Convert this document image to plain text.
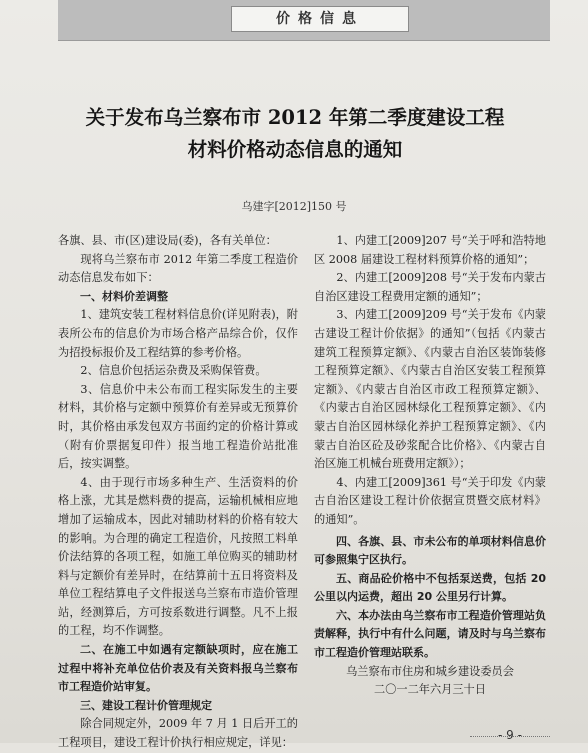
价格信息
关于发布乌兰察布市 2012 年第二季度建设工程
材料价格动态信息的通知
乌建字[2012]150 号

各旗、县、市(区)建设局(委)，各有关单位：

现将乌兰察布市 2012 年第二季度工程造价动态信息发布如下：

一、材料价差调整

1、建筑安装工程材料信息价(详见附表)，附表所公布的信息价为市场合格产品综合价，仅作为招投标报价及工程结算的参考价格。

2、信息价包括运杂费及采购保管费。

3、信息价中未公布而工程实际发生的主要材料，其价格与定额中预算价有差异或无预算价时，其价格由承发包双方书面约定的价格计算或（附有价票据复印件）报当地工程造价站批准后，按实调整。

4、由于现行市场多种生产、生活资料的价格上涨，尤其是燃料费的提高，运输机械相应地增加了运输成本，因此对辅助材料的价格有较大的影响。为合理的确定工程造价，凡按照工料单价法结算的各项工程，如施工单位购买的辅助材料与定额价有差异时，在结算前十五日将资料及单位工程结算电子文件报送乌兰察布市造价管理站，经测算后，方可按系数进行调整。凡不上报的工程，均不作调整。

二、在施工中如遇有定额缺项时，应在施工过程中将补充单位估价表及有关资料报乌兰察布市工程造价站审复。

三、建设工程计价管理规定

除合同规定外，2009 年 7 月 1 日后开工的工程项目，建设工程计价执行相应规定，详见：

1、内建工[2009]207 号“关于呼和浩特地区 2008 届建设工程材料预算价格的通知”；

2、内建工[2009]208 号“关于发布内蒙古自治区建设工程费用定额的通知”；

3、内建工[2009]209 号“关于发布《内蒙古建设工程计价依据》的通知”（包括《内蒙古建筑工程预算定额》、《内蒙古自治区装饰装修工程预算定额》、《内蒙古自治区安装工程预算定额》、《内蒙古自治区市政工程预算定额》、《内蒙古自治区园林绿化工程预算定额》、《内蒙古自治区园林绿化养护工程预算定额》、《内蒙古自治区砼及砂浆配合比价格》、《内蒙古自治区施工机械台班费用定额》）；

4、内建工[2009]361 号“关于印发《内蒙古自治区建设工程计价依据宣贯暨交底材料》的通知”。

四、各旗、县、市未公布的单项材料信息价可参照集宁区执行。

五、商品砼价格中不包括泵送费，包括 20 公里以内运费，超出 20 公里另行计算。

六、本办法由乌兰察布市工程造价管理站负责解释，执行中有什么问题，请及时与乌兰察布市工程造价管理站联系。

乌兰察布市住房和城乡建设委员会

二〇一二年六月三十日

- 9 -
